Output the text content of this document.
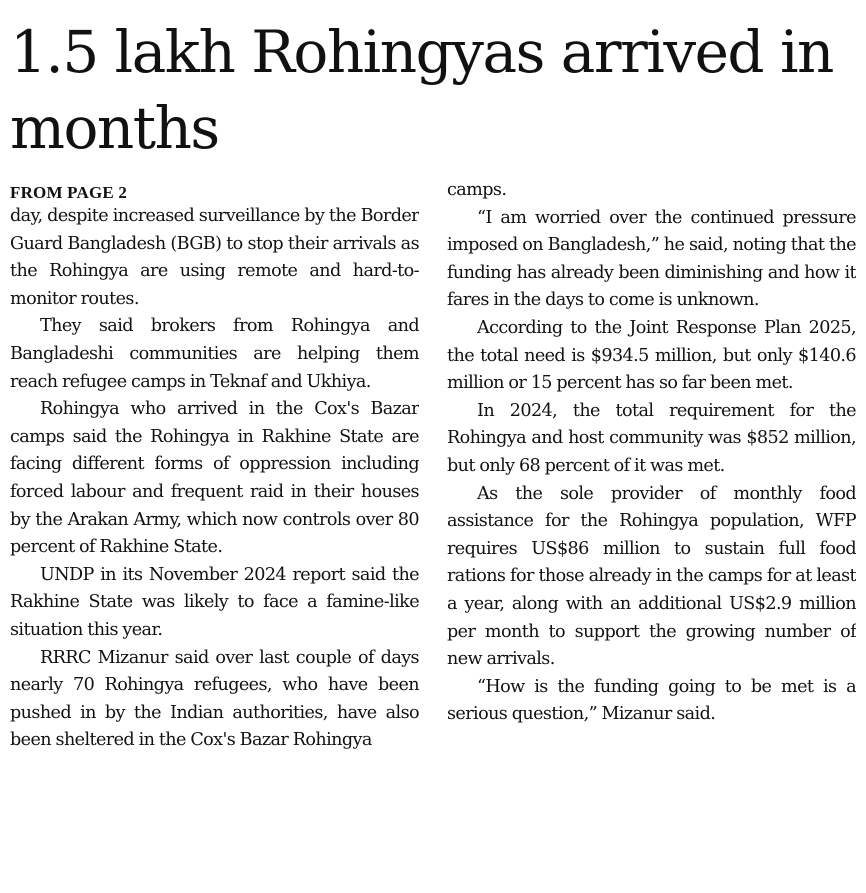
1.5 lakh Rohingyas arrived in months
FROM PAGE 2

day, despite increased surveillance by the Border Guard Bangladesh (BGB) to stop their arrivals as the Rohingya are using remote and hard-to-monitor routes.

They said brokers from Rohingya and Bangladeshi communities are helping them reach refugee camps in Teknaf and Ukhiya.

Rohingya who arrived in the Cox's Bazar camps said the Rohingya in Rakhine State are facing different forms of oppression including forced labour and frequent raid in their houses by the Arakan Army, which now controls over 80 percent of Rakhine State.

UNDP in its November 2024 report said the Rakhine State was likely to face a famine-like situation this year.

RRRC Mizanur said over last couple of days nearly 70 Rohingya refugees, who have been pushed in by the Indian authorities, have also been sheltered in the Cox's Bazar Rohingya

camps.

“I am worried over the continued pressure imposed on Bangladesh,” he said, noting that the funding has already been diminishing and how it fares in the days to come is unknown.

According to the Joint Response Plan 2025, the total need is $934.5 million, but only $140.6 million or 15 percent has so far been met.

In 2024, the total requirement for the Rohingya and host community was $852 million, but only 68 percent of it was met.

As the sole provider of monthly food assistance for the Rohingya population, WFP requires US$86 million to sustain full food rations for those already in the camps for at least a year, along with an additional US$2.9 million per month to support the growing number of new arrivals.

“How is the funding going to be met is a serious question,” Mizanur said.
